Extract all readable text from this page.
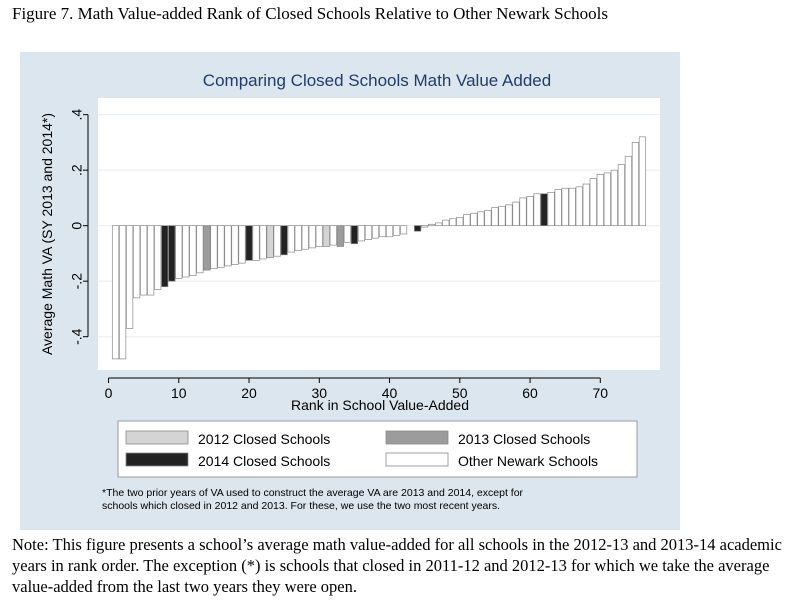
Figure 7. Math Value-added Rank of Closed Schools Relative to Other Newark Schools
Comparing Closed Schools Math Value Added
-.4
-.2
0
.2
.4
0	10	20	30	40	50	60	70
Average Math VA (SY 2013 and 2014*)
Rank in School Value-Added
2012 Closed Schools	2013 Closed Schools
2014 Closed Schools	Other Newark Schools
*The two prior years of VA used to construct the average VA are 2013 and 2014, except for
schools which closed in 2012 and 2013. For these, we use the two most recent years.
Note: This figure presents a school’s average math value-added for all schools in the 2012-13 and 2013-14 academic years in rank order. The exception (*) is schools that closed in 2011-12 and 2012-13 for which we take the average value-added from the last two years they were open.
